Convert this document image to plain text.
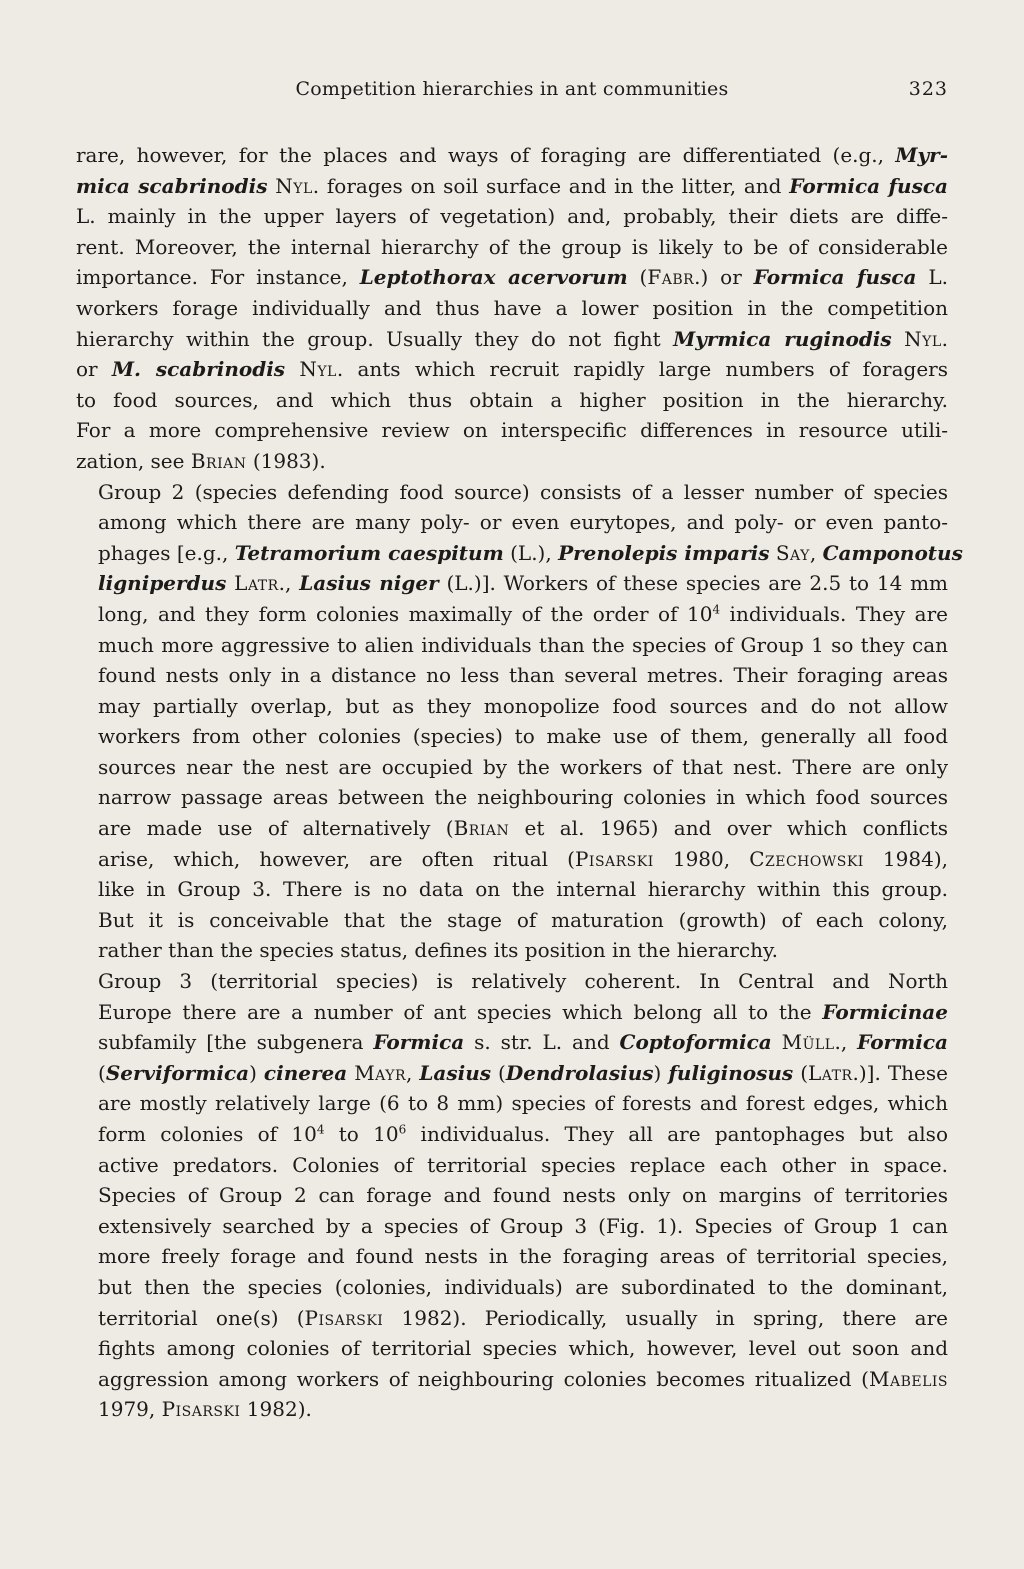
Competition hierarchies in ant communities	323

rare, however, for the places and ways of foraging are differentiated (e.g., Myr-
mica scabrinodis Nyl. forages on soil surface and in the litter, and Formica fusca
L. mainly in the upper layers of vegetation) and, probably, their diets are diffe-
rent. Moreover, the internal hierarchy of the group is likely to be of considerable
importance. For instance, Leptothorax acervorum (Fabr.) or Formica fusca L.
workers forage individually and thus have a lower position in the competition
hierarchy within the group. Usually they do not fight Myrmica ruginodis Nyl.
or M. scabrinodis Nyl. ants which recruit rapidly large numbers of foragers
to food sources, and which thus obtain a higher position in the hierarchy.
For a more comprehensive review on interspecific differences in resource utili-
zation, see Brian (1983).

Group 2 (species defending food source) consists of a lesser number of species
among which there are many poly- or even eurytopes, and poly- or even panto-
phages [e.g., Tetramorium caespitum (L.), Prenolepis imparis Say, Camponotus
ligniperdus Latr., Lasius niger (L.)]. Workers of these species are 2.5 to 14 mm
long, and they form colonies maximally of the order of $10^4$ individuals. They are
much more aggressive to alien individuals than the species of Group 1 so they can
found nests only in a distance no less than several metres. Their foraging areas
may partially overlap, but as they monopolize food sources and do not allow
workers from other colonies (species) to make use of them, generally all food
sources near the nest are occupied by the workers of that nest. There are only
narrow passage areas between the neighbouring colonies in which food sources
are made use of alternatively (Brian et al. 1965) and over which conflicts
arise, which, however, are often ritual (Pisarski 1980, Czechowski 1984),
like in Group 3. There is no data on the internal hierarchy within this group.
But it is conceivable that the stage of maturation (growth) of each colony,
rather than the species status, defines its position in the hierarchy.

Group 3 (territorial species) is relatively coherent. In Central and North
Europe there are a number of ant species which belong all to the Formicinae
subfamily [the subgenera Formica s. str. L. and Coptoformica Müll., Formica
(Serviformica) cinerea Mayr, Lasius (Dendrolasius) fuliginosus (Latr.)]. These
are mostly relatively large (6 to 8 mm) species of forests and forest edges, which
form colonies of $10^4$ to $10^6$ individualus. They all are pantophages but also
active predators. Colonies of territorial species replace each other in space.
Species of Group 2 can forage and found nests only on margins of territories
extensively searched by a species of Group 3 (Fig. 1). Species of Group 1 can
more freely forage and found nests in the foraging areas of territorial species,
but then the species (colonies, individuals) are subordinated to the dominant,
territorial one(s) (Pisarski 1982). Periodically, usually in spring, there are
fights among colonies of territorial species which, however, level out soon and
aggression among workers of neighbouring colonies becomes ritualized (Mabelis
1979, Pisarski 1982).
